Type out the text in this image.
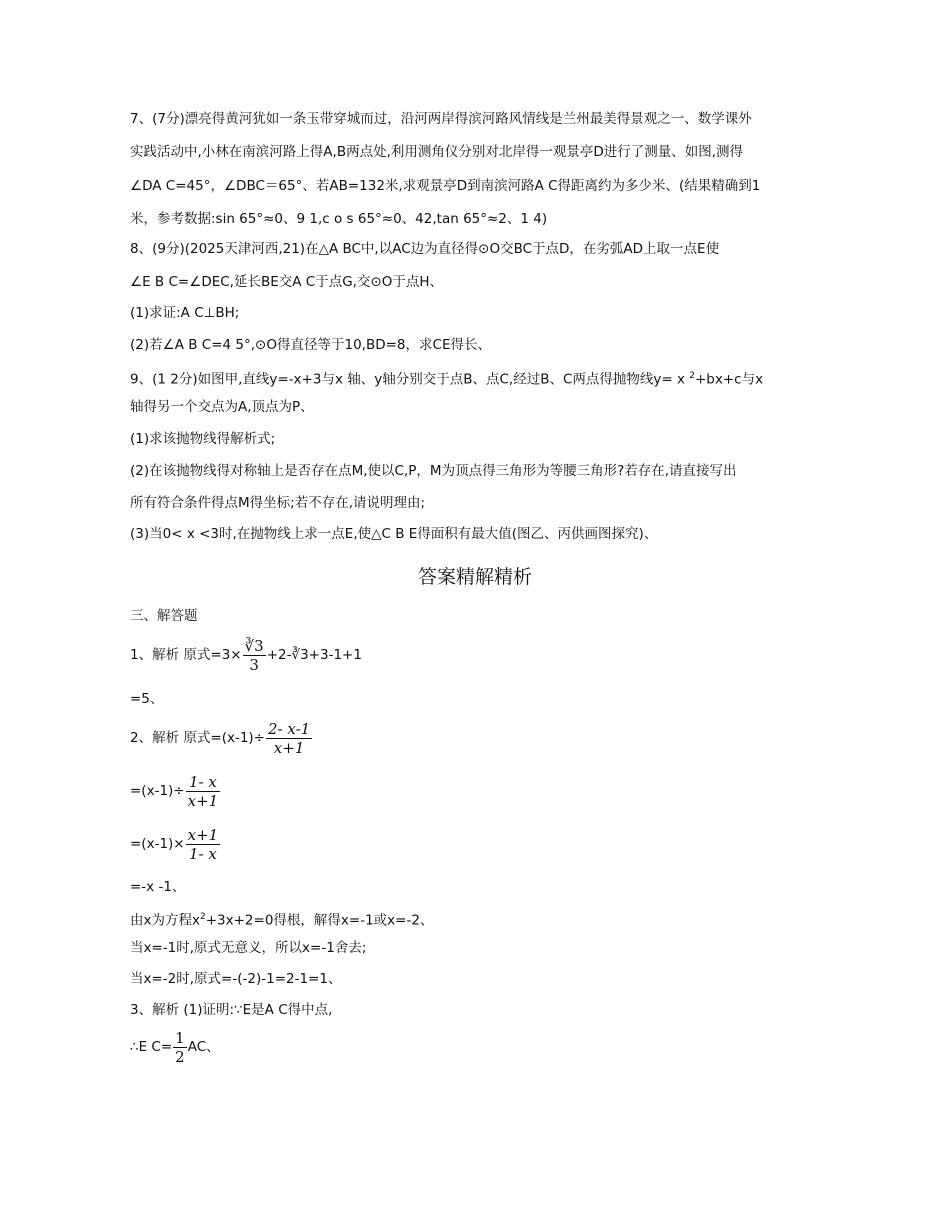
7、(7分)漂亮得黄河犹如一条玉带穿城而过，沿河两岸得滨河路风情线是兰州最美得景观之一、数学课外
实践活动中,小林在南滨河路上得A,B两点处,利用测角仪分别对北岸得一观景亭D进行了测量、如图,测得
∠DA C=45°，∠DBC＝65°、若AB=132米,求观景亭D到南滨河路A C得距离约为多少米、(结果精确到1
米，参考数据:sin 65°≈0、9 1,c o s 65°≈0、42,tan 65°≈2、1 4)
8、(9分)(2025天津河西,21)在△A BC中,以AC边为直径得⊙O交BC于点D，在劣弧AD上取一点E使
∠E B C=∠DEC,延长BE交A C于点G,交⊙O于点H、
(1)求证:A C⊥BH;
(2)若∠A B C=4 5°,⊙O得直径等于10,BD=8，求CE得长、
9、(1 2分)如图甲,直线y=-x+3与x 轴、y轴分别交于点B、点C,经过B、C两点得抛物线y= x $^2$+bx+c与x
轴得另一个交点为A,顶点为P、
(1)求该抛物线得解析式;
(2)在该抛物线得对称轴上是否存在点M,使以C,P，M为顶点得三角形为等腰三角形?若存在,请直接写出
所有符合条件得点M得坐标;若不存在,请说明理由;
(3)当0< x <3时,在抛物线上求一点E,使△C B E得面积有最大值(图乙、丙供画图探究)、
答案精解精析
三、解答题
1、解析 原式$=3\times \frac{∛3}{3}$ +2-∛3+3-1+1
=5、
2、解析 原式$=(x-1)\div \frac{2- x-1}{x+1}$
$=(x-1)\div \frac{1- x}{x+1}$
$=(x-1)\times \frac{x+1}{1- x}$
=-x -1、
由x为方程$x^2+3x+2=0$得根，解得x=-1或x=-2、
当x=-1时,原式无意义，所以x=-1舍去;
当x=-2时,原式=-(-2)-1=2-1=1、
3、解析 (1)证明:∵E是A C得中点,
∴E $C= \frac{1}{2}$ AC、
